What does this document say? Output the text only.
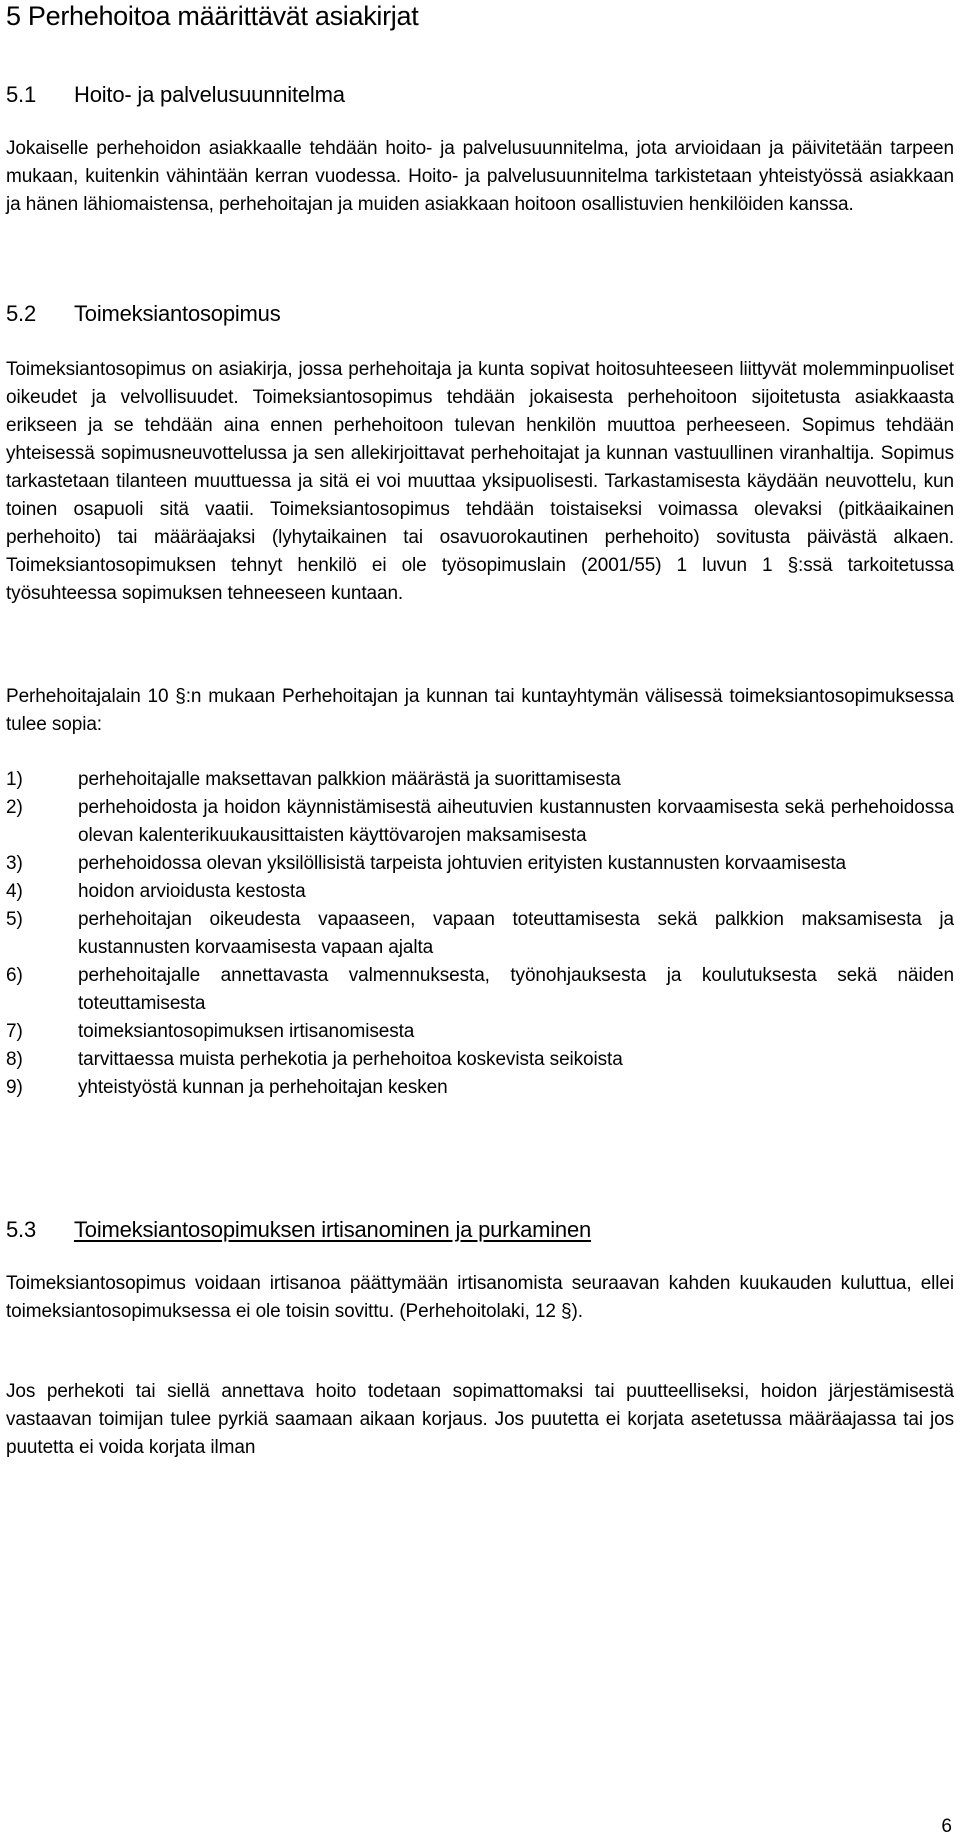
5 Perhehoitoa määrittävät asiakirjat
5.1 Hoito- ja palvelusuunnitelma

Jokaiselle perhehoidon asiakkaalle tehdään hoito- ja palvelusuunnitelma, jota arvioidaan ja päivitetään tarpeen mukaan, kuitenkin vähintään kerran vuodessa. Hoito- ja palvelusuunnitelma tarkistetaan yhteistyössä asiakkaan ja hänen lähiomaistensa, perhehoitajan ja muiden asiakkaan hoitoon osallistuvien henkilöiden kanssa.

5.2 Toimeksiantosopimus

Toimeksiantosopimus on asiakirja, jossa perhehoitaja ja kunta sopivat hoitosuhteeseen liittyvät molemminpuoliset oikeudet ja velvollisuudet. Toimeksiantosopimus tehdään jokaisesta perhehoitoon sijoitetusta asiakkaasta erikseen ja se tehdään aina ennen perhehoitoon tulevan henkilön muuttoa perheeseen. Sopimus tehdään yhteisessä sopimusneuvottelussa ja sen allekirjoittavat perhehoitajat ja kunnan vastuullinen viranhaltija. Sopimus tarkastetaan tilanteen muuttuessa ja sitä ei voi muuttaa yksipuolisesti. Tarkastamisesta käydään neuvottelu, kun toinen osapuoli sitä vaatii. Toimeksiantosopimus tehdään toistaiseksi voimassa olevaksi (pitkäaikainen perhehoito) tai määräajaksi (lyhytaikainen tai osavuorokautinen perhehoito) sovitusta päivästä alkaen. Toimeksiantosopimuksen tehnyt henkilö ei ole työsopimuslain (2001/55) 1 luvun 1 §:ssä tarkoitetussa työsuhteessa sopimuksen tehneeseen kuntaan.

Perhehoitajalain 10 §:n mukaan Perhehoitajan ja kunnan tai kuntayhtymän välisessä toimeksiantosopimuksessa tulee sopia:

1)	perhehoitajalle maksettavan palkkion määrästä ja suorittamisesta
2)	perhehoidosta ja hoidon käynnistämisestä aiheutuvien kustannusten korvaamisesta sekä perhehoidossa olevan kalenterikuukausittaisten käyttövarojen maksamisesta
3)	perhehoidossa olevan yksilöllisistä tarpeista johtuvien erityisten kustannusten korvaamisesta
4)	hoidon arvioidusta kestosta
5)	perhehoitajan oikeudesta vapaaseen, vapaan toteuttamisesta sekä palkkion maksamisesta ja kustannusten korvaamisesta vapaan ajalta
6)	perhehoitajalle annettavasta valmennuksesta, työnohjauksesta ja koulutuksesta sekä näiden toteuttamisesta
7)	toimeksiantosopimuksen irtisanomisesta
8)	tarvittaessa muista perhekotia ja perhehoitoa koskevista seikoista
9)	yhteistyöstä kunnan ja perhehoitajan kesken
5.3 Toimeksiantosopimuksen irtisanominen ja purkaminen

Toimeksiantosopimus voidaan irtisanoa päättymään irtisanomista seuraavan kahden kuukauden kuluttua, ellei toimeksiantosopimuksessa ei ole toisin sovittu. (Perhehoitolaki, 12 §).

Jos perhekoti tai siellä annettava hoito todetaan sopimattomaksi tai puutteelliseksi, hoidon järjestämisestä vastaavan toimijan tulee pyrkiä saamaan aikaan korjaus. Jos puutetta ei korjata asetetussa määräajassa tai jos puutetta ei voida korjata ilman

6
